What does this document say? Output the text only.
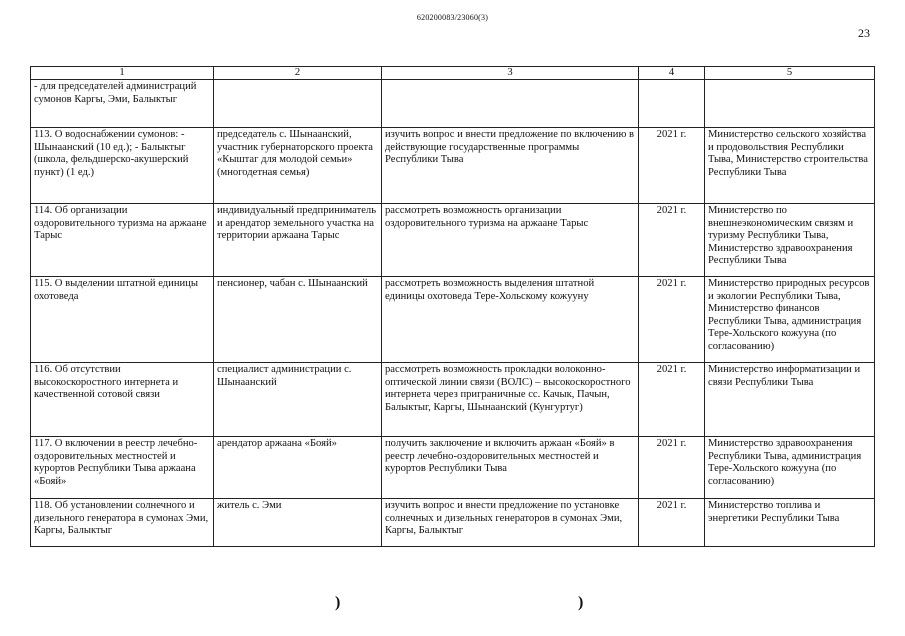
620200083/23060(3)
23
1	2	3	4	5
- для председателей администраций сумонов Каргы, Эми, Балыктыг				
113. О водоснабжении сумонов: - Шынаанский (10 ед.); - Балыктыг (школа, фельдшерско-акушерский пункт) (1 ед.)	председатель с. Шынаанский, участник губернаторского проекта «Кыштаг для молодой семьи» (многодетная семья)	изучить вопрос и внести предложение по включению в действующие государственные программы Республики Тыва	2021 г.	Министерство сельского хозяйства и продовольствия Республики Тыва, Министерство строительства Республики Тыва
114. Об организации оздоровительного туризма на аржаане Тарыс	индивидуальный предприниматель и арендатор земельного участка на территории аржаана Тарыс	рассмотреть возможность организации оздоровительного туризма на аржаане Тарыс	2021 г.	Министерство по внешнеэкономическим связям и туризму Республики Тыва, Министерство здравоохранения Республики Тыва
115. О выделении штатной единицы охотоведа	пенсионер, чабан с. Шынаанский	рассмотреть возможность выделения штатной единицы охотоведа Тере-Хольскому кожууну	2021 г.	Министерство природных ресурсов и экологии Республики Тыва, Министерство финансов Республики Тыва, администрация Тере-Хольского кожууна (по согласованию)
116. Об отсутствии высокоскоростного интернета и качественной сотовой связи	специалист администрации с. Шынаанский	рассмотреть возможность прокладки волоконно-оптической линии связи (ВОЛС) – высокоскоростного интернета через приграничные сс. Качык, Пачын, Балыктыг, Каргы, Шынаанский (Кунгуртуг)	2021 г.	Министерство информатизации и связи Республики Тыва
117. О включении в реестр лечебно-оздоровительных местностей и курортов Республики Тыва аржаана «Бояй»	арендатор аржаана «Бояй»	получить заключение и включить аржаан «Бояй» в реестр лечебно-оздоровительных местностей и курортов Республики Тыва	2021 г.	Министерство здравоохранения Республики Тыва, администрация Тере-Хольского кожууна (по согласованию)
118. Об установлении солнечного и дизельного генератора в сумонах Эми, Каргы, Балыктыг	житель с. Эми	изучить вопрос и внести предложение по установке солнечных и дизельных генераторов в сумонах Эми, Каргы, Балыктыг	2021 г.	Министерство топлива и энергетики Республики Тыва
)	)
